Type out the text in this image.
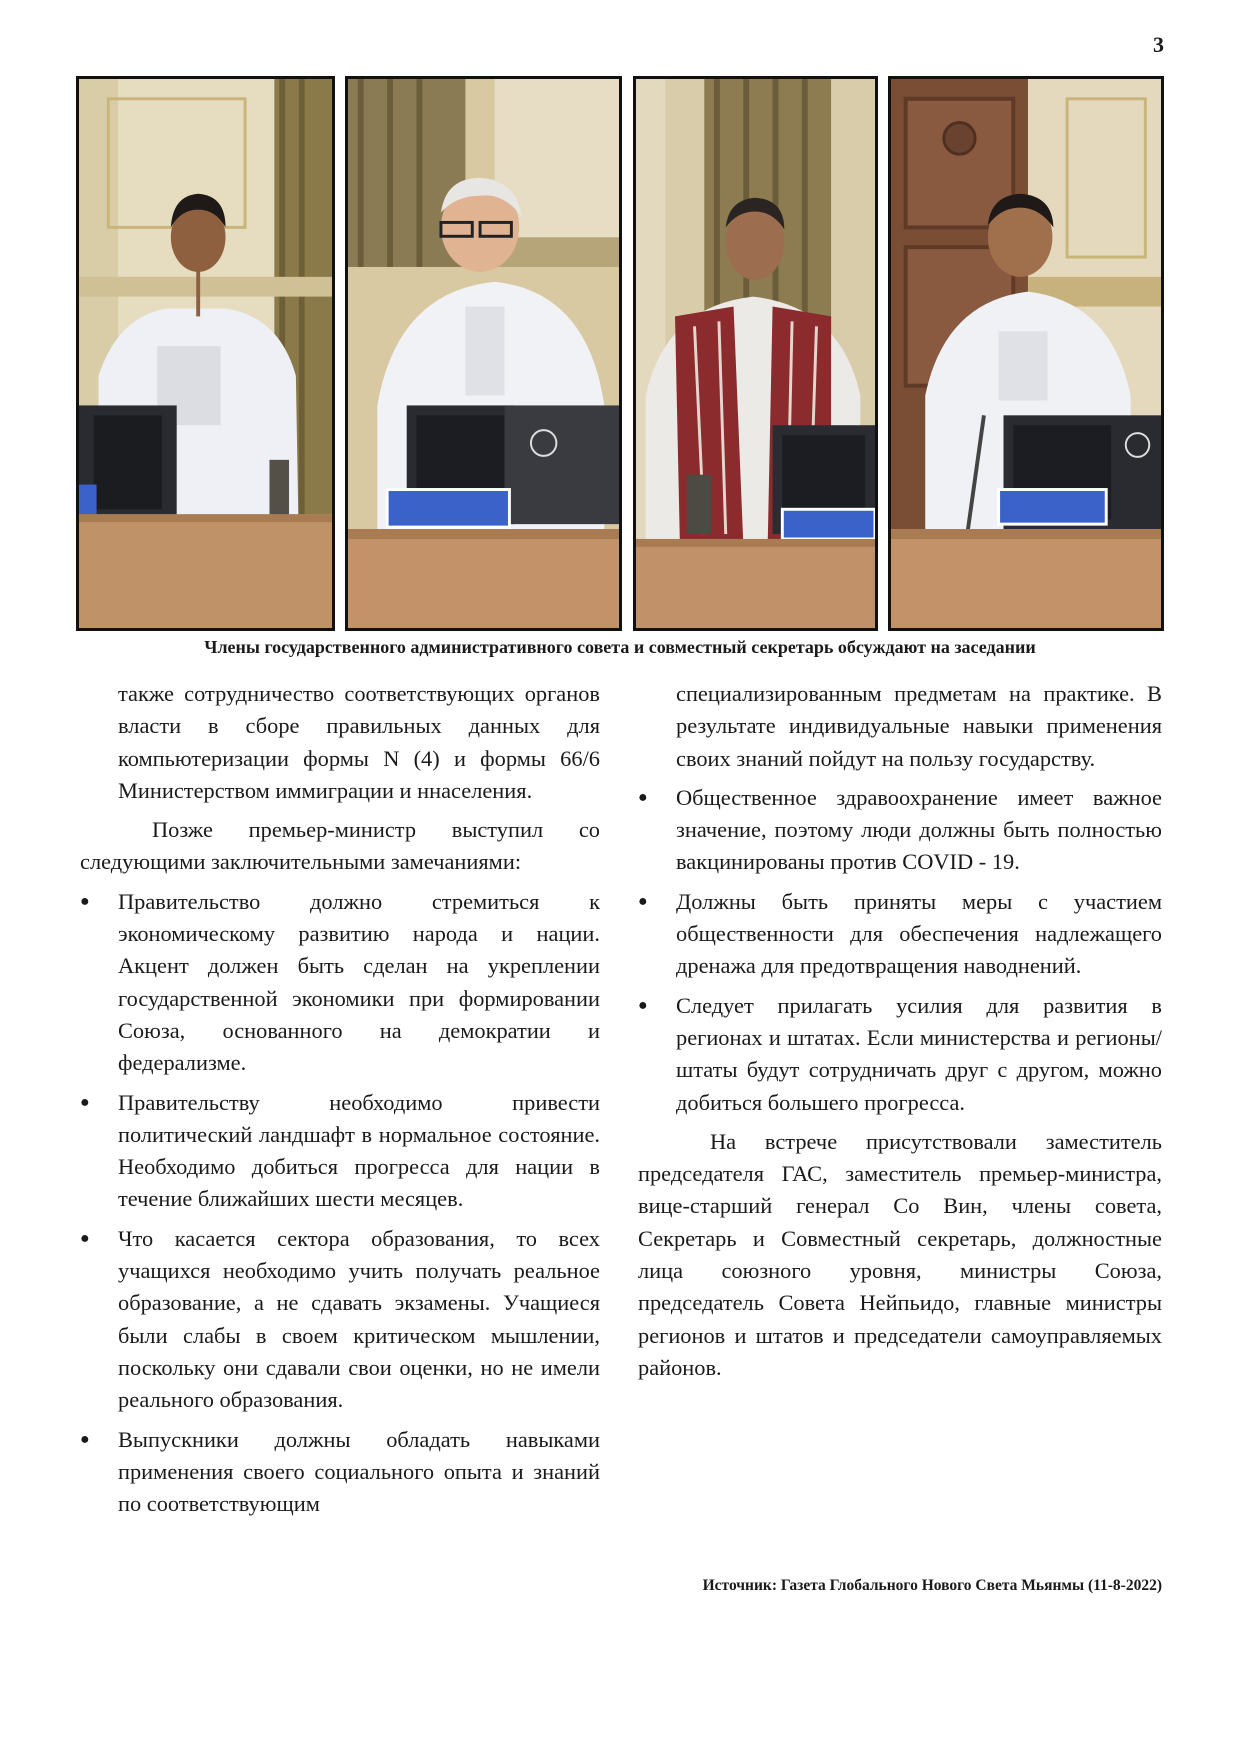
3
Члены государственного административного совета и совместный секретарь обсуждают на заседании

также сотрудничество соответствующих органов власти в сборе правильных данных для компьютеризации формы N (4) и формы 66/6 Министерством иммиграции и ннаселения.

Позже премьер-министр выступил со следующими заключительными замечаниями:

● Правительство должно стремиться к экономическому развитию народа и нации. Акцент должен быть сделан на укреплении государственной экономики при формировании Союза, основанного на демократии и федерализме.
● Правительству необходимо привести политический ландшафт в нормальное состояние. Необходимо добиться прогресса для нации в течение ближайших шести месяцев.
● Что касается сектора образования, то всех учащихся необходимо учить получать реальное образование, а не сдавать экзамены. Учащиеся были слабы в своем критическом мышлении, поскольку они сдавали свои оценки, но не имели реального образования.
● Выпускники должны обладать навыками применения своего социального опыта и знаний по соответствующим

специализированным предметам на практике. В результате индивидуальные навыки применения своих знаний пойдут на пользу государству.

● Общественное здравоохранение имеет важное значение, поэтому люди должны быть полностью вакцинированы против COVID - 19.
● Должны быть приняты меры с участием общественности для обеспечения надлежащего дренажа для предотвращения наводнений.
● Следует прилагать усилия для развития в регионах и штатах. Если министерства и регионы/штаты будут сотрудничать друг с другом, можно добиться большего прогресса.

На встрече присутствовали заместитель председателя ГАС, заместитель премьер-министра, вице-старший генерал Со Вин, члены совета, Секретарь и Совместный секретарь, должностные лица союзного уровня, министры Союза, председатель Совета Нейпьидо, главные министры регионов и штатов и председатели самоуправляемых районов.

Источник: Газета Глобального Нового Света Мьянмы (11-8-2022)
